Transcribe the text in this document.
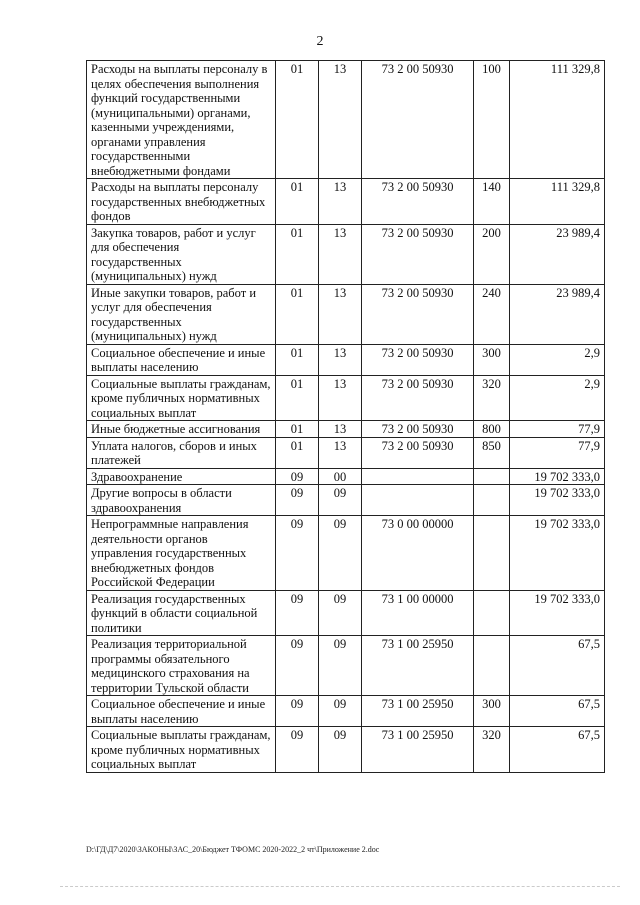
2
Расходы на выплаты персоналу в целях обеспечения выполнения функций государственными (муниципальными) органами, казенными учреждениями, органами управления государственными внебюджетными фондами	01	13	73 2 00 50930	100	111 329,8
Расходы на выплаты персоналу государственных внебюджетных фондов	01	13	73 2 00 50930	140	111 329,8
Закупка товаров, работ и услуг для обеспечения государственных (муниципальных) нужд	01	13	73 2 00 50930	200	23 989,4
Иные закупки товаров, работ и услуг для обеспечения государственных (муниципальных) нужд	01	13	73 2 00 50930	240	23 989,4
Социальное обеспечение и иные выплаты населению	01	13	73 2 00 50930	300	2,9
Социальные выплаты гражданам, кроме публичных нормативных социальных выплат	01	13	73 2 00 50930	320	2,9
Иные бюджетные ассигнования	01	13	73 2 00 50930	800	77,9
Уплата налогов, сборов и иных платежей	01	13	73 2 00 50930	850	77,9
Здравоохранение	09	00			19 702 333,0
Другие вопросы в области здравоохранения	09	09			19 702 333,0
Непрограммные направления деятельности органов управления государственных внебюджетных фондов Российской Федерации	09	09	73 0 00 00000		19 702 333,0
Реализация государственных функций в области социальной политики	09	09	73 1 00 00000		19 702 333,0
Реализация территориальной программы обязательного медицинского страхования на территории Тульской области	09	09	73 1 00 25950		67,5
Социальное обеспечение и иные выплаты населению	09	09	73 1 00 25950	300	67,5
Социальные выплаты гражданам, кроме публичных нормативных социальных выплат	09	09	73 1 00 25950	320	67,5
D:\ГД\Д7\2020\ЗАКОНЫ\ЗАС_20\Бюджет ТФОМС 2020-2022_2 чт\Приложение 2.doc
